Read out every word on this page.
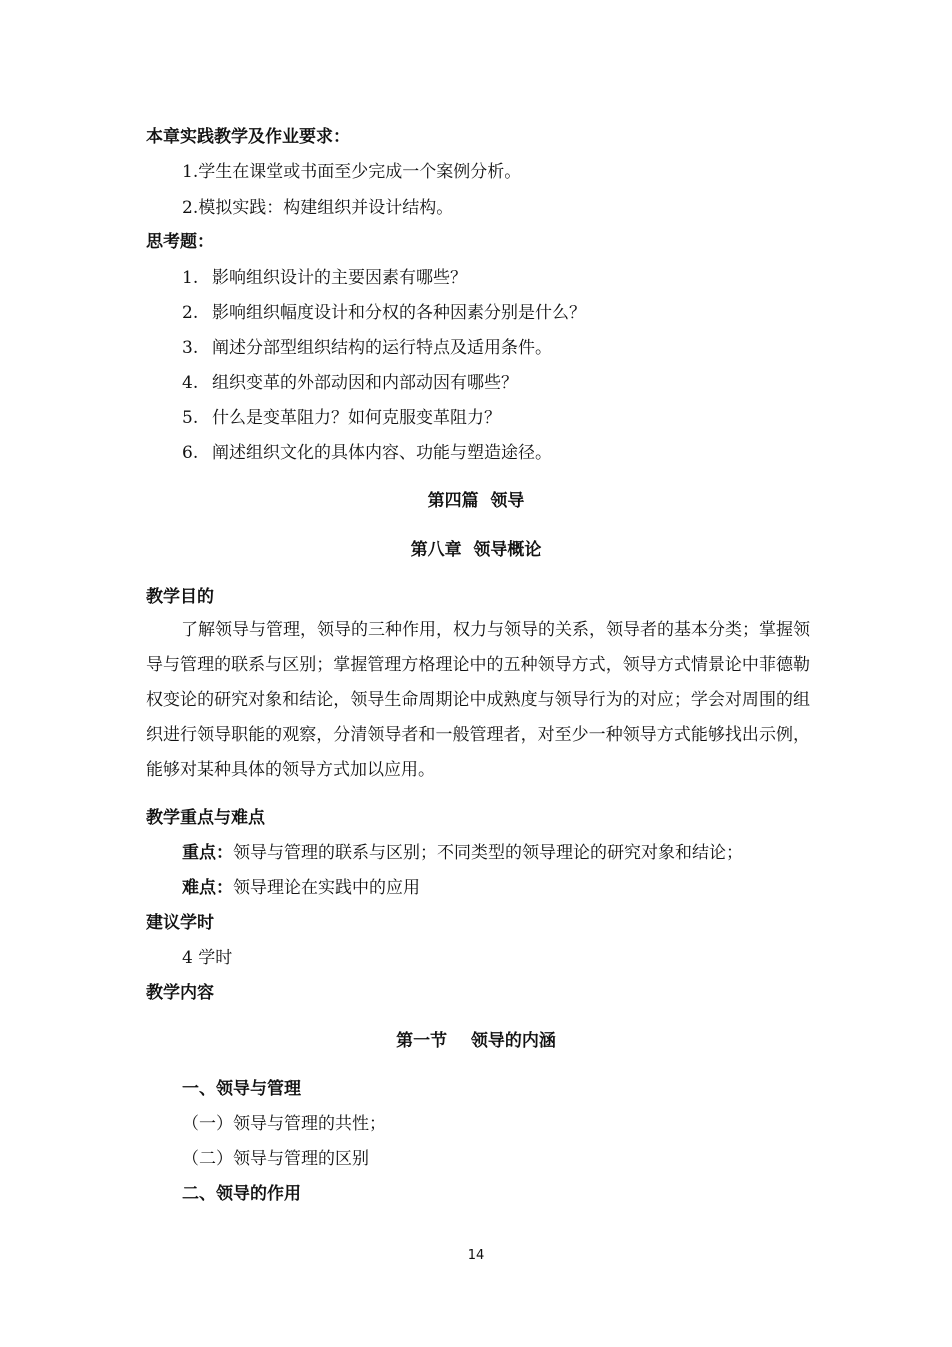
本章实践教学及作业要求：
1.学生在课堂或书面至少完成一个案例分析。
2.模拟实践：构建组织并设计结构。
思考题：
1. 影响组织设计的主要因素有哪些？
2. 影响组织幅度设计和分权的各种因素分别是什么？
3. 阐述分部型组织结构的运行特点及适用条件。
4. 组织变革的外部动因和内部动因有哪些？
5. 什么是变革阻力？如何克服变革阻力？
6. 阐述组织文化的具体内容、功能与塑造途径。
第四篇  领导
第八章  领导概论
教学目的

了解领导与管理，领导的三种作用，权力与领导的关系，领导者的基本分类；掌握领导与管理的联系与区别；掌握管理方格理论中的五种领导方式，领导方式情景论中菲德勒权变论的研究对象和结论，领导生命周期论中成熟度与领导行为的对应；学会对周围的组织进行领导职能的观察，分清领导者和一般管理者，对至少一种领导方式能够找出示例，能够对某种具体的领导方式加以应用。

教学重点与难点
重点：领导与管理的联系与区别；不同类型的领导理论的研究对象和结论；
难点：领导理论在实践中的应用
建议学时
4 学时
教学内容
第一节    领导的内涵
一、领导与管理
（一）领导与管理的共性；
（二）领导与管理的区别
二、领导的作用
14
